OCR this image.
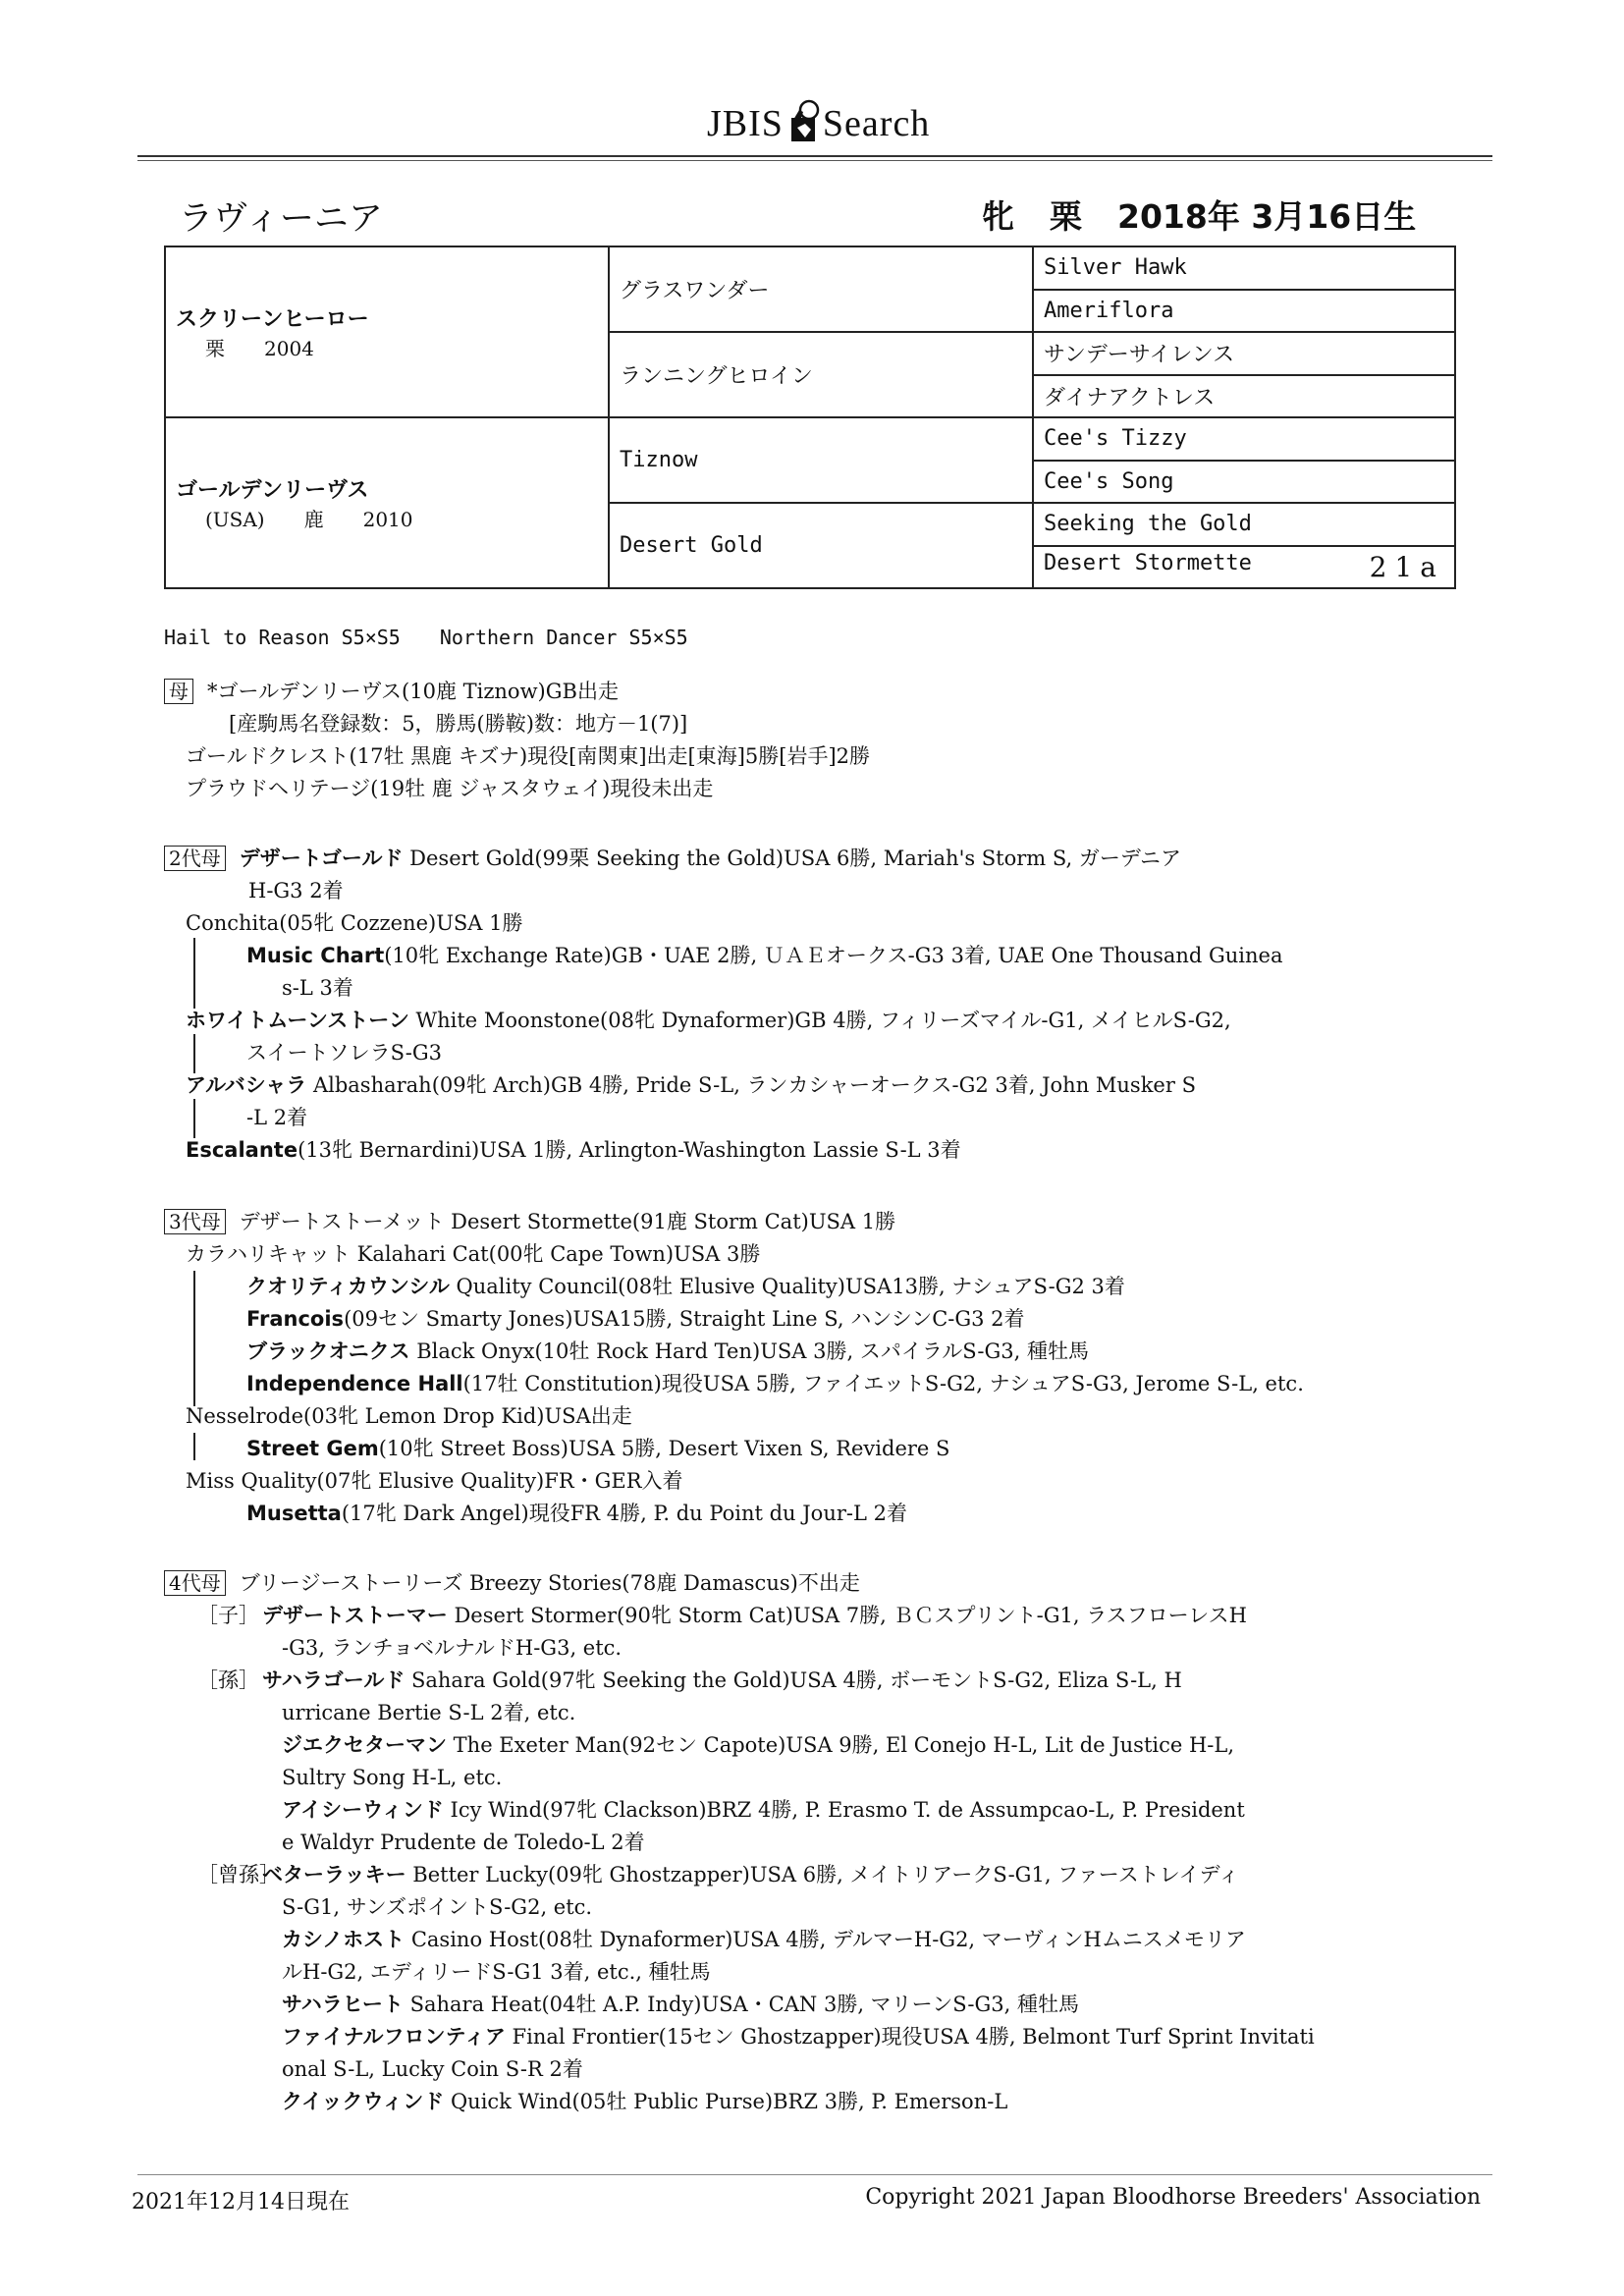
JBIS Search
ラヴィーニア	牝 栗 2018年 3月16日生
スクリーンヒーロー
栗　　2004	グラスワンダー	Silver Hawk
		Ameriflora
	ランニングヒロイン	サンデーサイレンス
		ダイナアクトレス

ゴールデンリーヴス
(USA)　　鹿　　2010	Tiznow	Cee's Tizzy
		Cee's Song
	Desert Gold	Seeking the Gold
		Desert Stormette 21a
Hail to Reason S5×S5 Northern Dancer S5×S5
母 *ゴールデンリーヴス(10鹿 Tiznow)GB出走
[産駒馬名登録数：5，勝馬(勝鞍)数：地方－1(7)]
ゴールドクレスト(17牡 黒鹿 キズナ)現役[南関東]出走[東海]5勝[岩手]2勝
プラウドヘリテージ(19牡 鹿 ジャスタウェイ)現役未出走
2代母 デザートゴールド Desert Gold(99栗 Seeking the Gold)USA 6勝, Mariah's Storm S, ガーデニア
H-G3 2着
Conchita(05牝 Cozzene)USA 1勝
Music Chart(10牝 Exchange Rate)GB・UAE 2勝, ＵＡＥオークス-G3 3着, UAE One Thousand Guinea
s-L 3着
ホワイトムーンストーン White Moonstone(08牝 Dynaformer)GB 4勝, フィリーズマイル-G1, メイヒルS-G2,
スイートソレラS-G3
アルバシャラ Albasharah(09牝 Arch)GB 4勝, Pride S-L, ランカシャーオークス-G2 3着, John Musker S
-L 2着
Escalante(13牝 Bernardini)USA 1勝, Arlington-Washington Lassie S-L 3着
3代母 デザートストーメット Desert Stormette(91鹿 Storm Cat)USA 1勝
カラハリキャット Kalahari Cat(00牝 Cape Town)USA 3勝
クオリティカウンシル Quality Council(08牡 Elusive Quality)USA13勝, ナシュアS-G2 3着
Francois(09セン Smarty Jones)USA15勝, Straight Line S, ハンシンC-G3 2着
ブラックオニクス Black Onyx(10牡 Rock Hard Ten)USA 3勝, スパイラルS-G3, 種牡馬
Independence Hall(17牡 Constitution)現役USA 5勝, ファイエットS-G2, ナシュアS-G3, Jerome S-L, etc.
Nesselrode(03牝 Lemon Drop Kid)USA出走
Street Gem(10牝 Street Boss)USA 5勝, Desert Vixen S, Revidere S
Miss Quality(07牝 Elusive Quality)FR・GER入着
Musetta(17牝 Dark Angel)現役FR 4勝, P. du Point du Jour-L 2着
4代母 ブリージーストーリーズ Breezy Stories(78鹿 Damascus)不出走
［子］ デザートストーマー Desert Stormer(90牝 Storm Cat)USA 7勝, ＢＣスプリント-G1, ラスフローレスH
-G3, ランチョベルナルドH-G3, etc.
［孫］ サハラゴールド Sahara Gold(97牝 Seeking the Gold)USA 4勝, ボーモントS-G2, Eliza S-L, H
urricane Bertie S-L 2着, etc.
ジエクセターマン The Exeter Man(92セン Capote)USA 9勝, El Conejo H-L, Lit de Justice H-L,
Sultry Song H-L, etc.
アイシーウィンド Icy Wind(97牝 Clackson)BRZ 4勝, P. Erasmo T. de Assumpcao-L, P. President
e Waldyr Prudente de Toledo-L 2着
［曾孫］ベターラッキー Better Lucky(09牝 Ghostzapper)USA 6勝, メイトリアークS-G1, ファーストレイディ
S-G1, サンズポイントS-G2, etc.
カシノホスト Casino Host(08牡 Dynaformer)USA 4勝, デルマーH-G2, マーヴィンHムニスメモリア
ルH-G2, エディリードS-G1 3着, etc., 種牡馬
サハラヒート Sahara Heat(04牡 A.P. Indy)USA・CAN 3勝, マリーンS-G3, 種牡馬
ファイナルフロンティア Final Frontier(15セン Ghostzapper)現役USA 4勝, Belmont Turf Sprint Invitati
onal S-L, Lucky Coin S-R 2着
クイックウィンド Quick Wind(05牡 Public Purse)BRZ 3勝, P. Emerson-L
2021年12月14日現在	Copyright 2021 Japan Bloodhorse Breeders' Association
